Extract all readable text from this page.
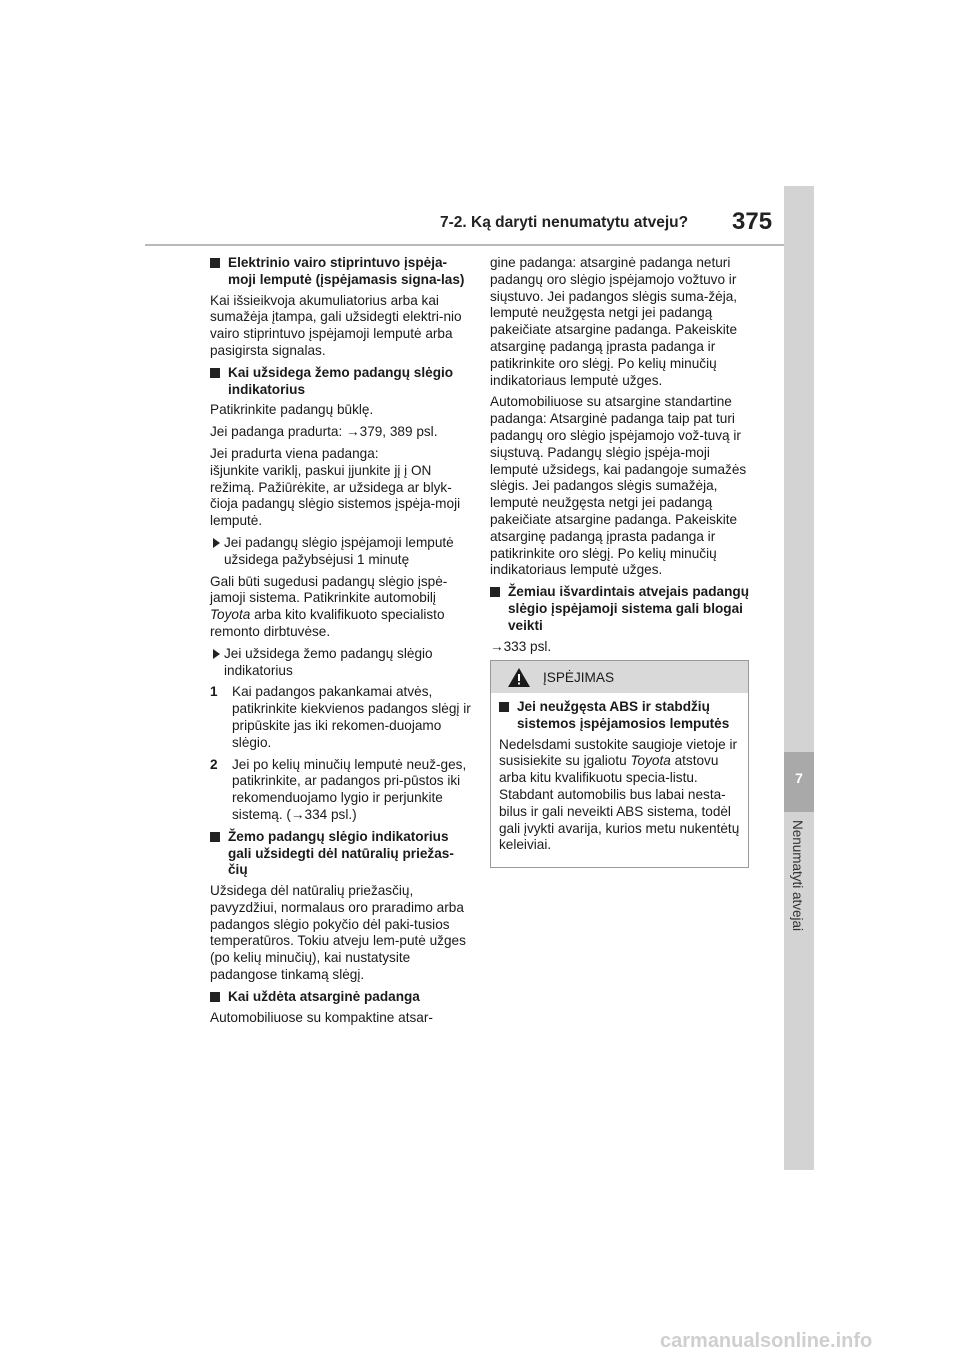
7-2. Ką daryti nenumatytu atveju? 375
7
Nenumatyti atvejai
Elektrinio vairo stiprintuvo įspėja-moji lemputė (įspėjamasis signa-las)

Kai išsieikvoja akumuliatorius arba kai sumažėja įtampa, gali užsidegti elektri-nio vairo stiprintuvo įspėjamoji lemputė arba pasigirsta signalas.

Kai užsidega žemo padangų slėgio indikatorius

Patikrinkite padangų būklę.

Jei padanga pradurta: →379, 389 psl.

Jei pradurta viena padanga:
išjunkite variklį, paskui įjunkite jį į ON režimą. Pažiūrėkite, ar užsidega ar blyk-čioja padangų slėgio sistemos įspėja-moji lemputė.

Jei padangų slėgio įspėjamoji lemputė užsidega pažybsėjusi 1 minutę

Gali būti sugedusi padangų slėgio įspė-jamoji sistema. Patikrinkite automobilį Toyota arba kito kvalifikuoto specialisto remonto dirbtuvėse.

Jei užsidega žemo padangų slėgio indikatorius
1 Kai padangos pakankamai atvės, patikrinkite kiekvienos padangos slėgį ir pripūskite jas iki rekomen-duojamo slėgio.
2 Jei po kelių minučių lemputė neuž-ges, patikrinkite, ar padangos pri-pūstos iki rekomenduojamo lygio ir perjunkite sistemą. (→334 psl.)
Žemo padangų slėgio indikatorius gali užsidegti dėl natūralių priežas-čių

Užsidega dėl natūralių priežasčių, pavyzdžiui, normalaus oro praradimo arba padangos slėgio pokyčio dėl paki-tusios temperatūros. Tokiu atveju lem-putė užges (po kelių minučių), kai nustatysite padangose tinkamą slėgį.

Kai uždėta atsarginė padanga

Automobiliuose su kompaktine atsar-

gine padanga: atsarginė padanga neturi padangų oro slėgio įspėjamojo vožtuvo ir siųstuvo. Jei padangos slėgis suma-žėja, lemputė neužgęsta netgi jei padangą pakeičiate atsargine padanga. Pakeiskite atsarginę padangą įprasta padanga ir patikrinkite oro slėgį. Po kelių minučių indikatoriaus lemputė užges.

Automobiliuose su atsargine standartine padanga: Atsarginė padanga taip pat turi padangų oro slėgio įspėjamojo vož-tuvą ir siųstuvą. Padangų slėgio įspėja-moji lemputė užsidegs, kai padangoje sumažės slėgis. Jei padangos slėgis sumažėja, lemputė neužgęsta netgi jei padangą pakeičiate atsargine padanga. Pakeiskite atsarginę padangą įprasta padanga ir patikrinkite oro slėgį. Po kelių minučių indikatoriaus lemputė užges.

Žemiau išvardintais atvejais padangų slėgio įspėjamoji sistema gali blogai veikti

→333 psl.

ĮSPĖJIMAS
Jei neužgęsta ABS ir stabdžių sistemos įspėjamosios lemputės

Nedelsdami sustokite saugioje vietoje ir susisiekite su įgaliotu Toyota atstovu arba kitu kvalifikuotu specia-listu.
Stabdant automobilis bus labai nesta-bilus ir gali neveikti ABS sistema, todėl gali įvykti avarija, kurios metu nukentėtų keleiviai.

carmanualsonline.info
